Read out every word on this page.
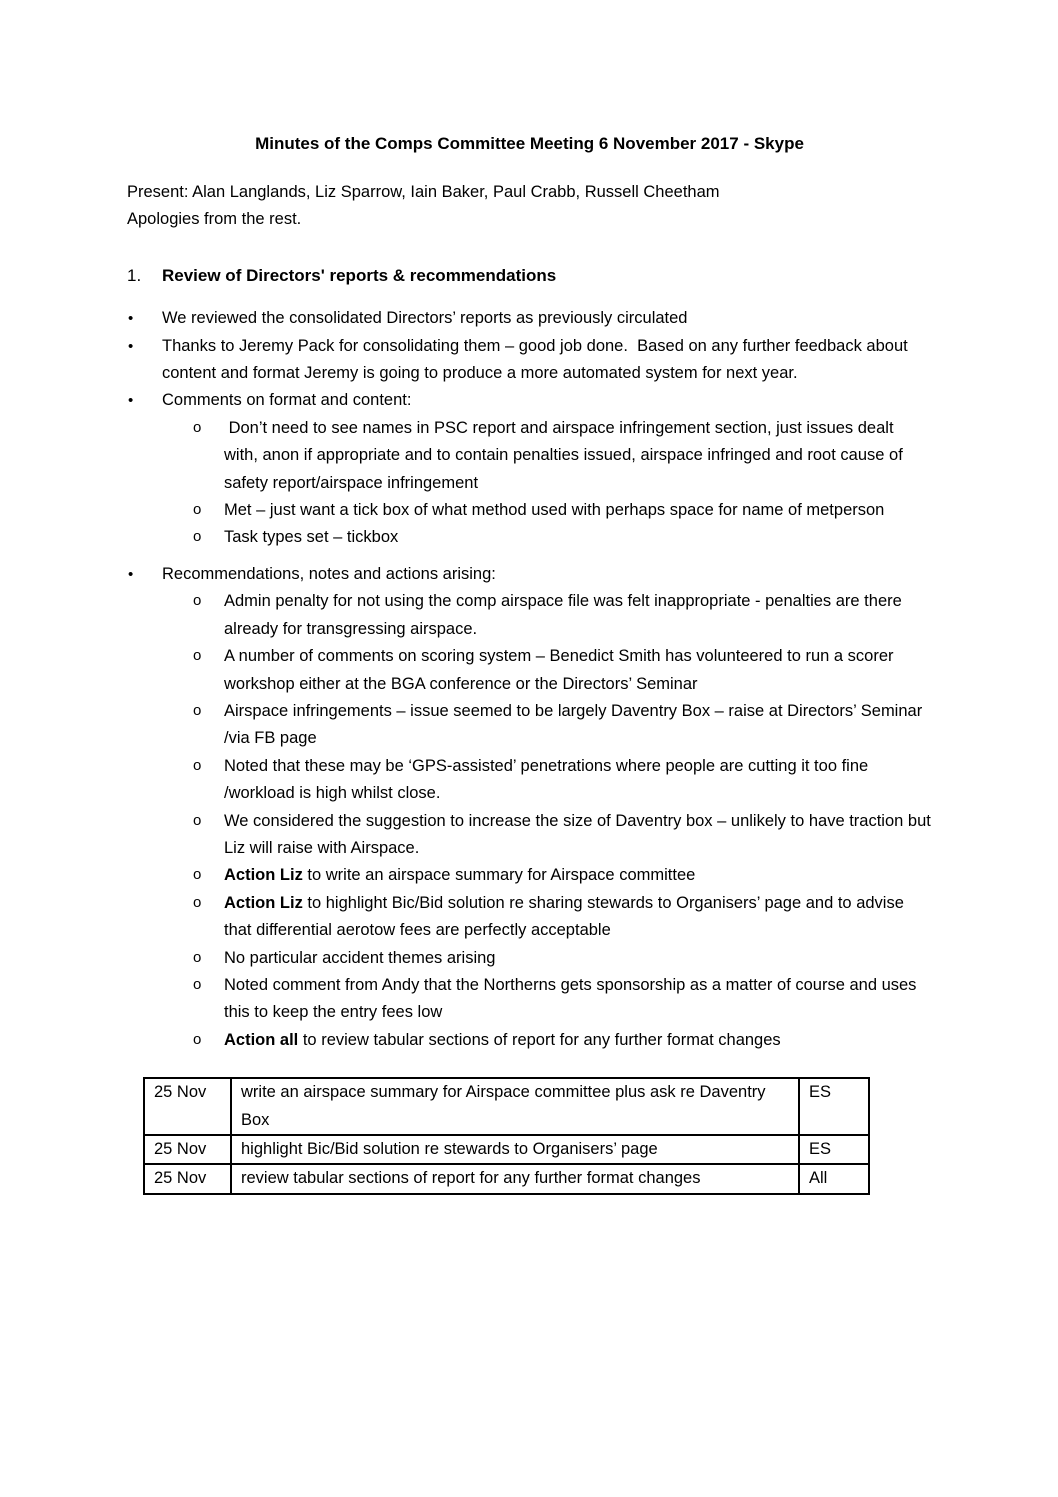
Minutes of the Comps Committee Meeting 6 November 2017 - Skype
Present: Alan Langlands, Liz Sparrow, Iain Baker, Paul Crabb, Russell Cheetham
Apologies from the rest.
1.	Review of Directors' reports & recommendations
• We reviewed the consolidated Directors’ reports as previously circulated
• Thanks to Jeremy Pack for consolidating them – good job done.  Based on any further feedback about content and format Jeremy is going to produce a more automated system for next year.
• Comments on format and content:
o Don’t need to see names in PSC report and airspace infringement section, just issues dealt with, anon if appropriate and to contain penalties issued, airspace infringed and root cause of safety report/airspace infringement
o Met – just want a tick box of what method used with perhaps space for name of metperson
o Task types set – tickbox
• Recommendations, notes and actions arising:
o Admin penalty for not using the comp airspace file was felt inappropriate - penalties are there already for transgressing airspace.
o A number of comments on scoring system – Benedict Smith has volunteered to run a scorer workshop either at the BGA conference or the Directors’ Seminar
o Airspace infringements – issue seemed to be largely Daventry Box – raise at Directors’ Seminar /via FB page
o Noted that these may be ‘GPS-assisted’ penetrations where people are cutting it too fine /workload is high whilst close.
o We considered the suggestion to increase the size of Daventry box – unlikely to have traction but Liz will raise with Airspace.
o Action Liz to write an airspace summary for Airspace committee
o Action Liz to highlight Bic/Bid solution re sharing stewards to Organisers’ page and to advise that differential aerotow fees are perfectly acceptable
o No particular accident themes arising
o Noted comment from Andy that the Northerns gets sponsorship as a matter of course and uses this to keep the entry fees low
o Action all to review tabular sections of report for any further format changes
25 Nov	write an airspace summary for Airspace committee plus ask re Daventry Box	ES
25 Nov	highlight Bic/Bid solution re stewards to Organisers’ page	ES
25 Nov	review tabular sections of report for any further format changes	All
